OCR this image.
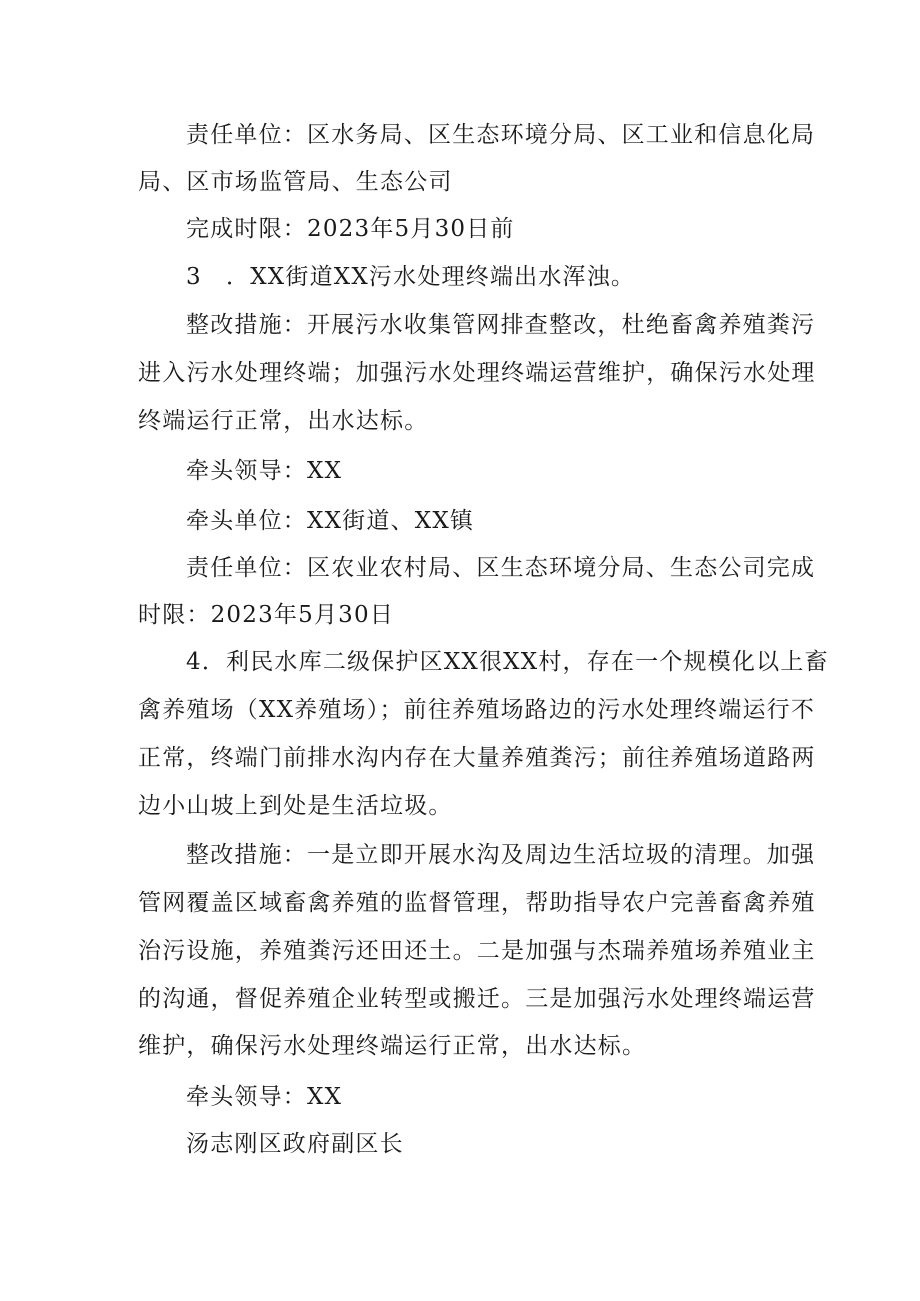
责任单位：区水务局、区生态环境分局、区工业和信息化局
局、区市场监管局、生态公司
完成时限：2023年5月30日前
3　．XX街道XX污水处理终端出水浑浊。
整改措施：开展污水收集管网排查整改，杜绝畜禽养殖粪污
进入污水处理终端；加强污水处理终端运营维护，确保污水处理
终端运行正常，出水达标。
牵头领导：XX
牵头单位：XX街道、XX镇
责任单位：区农业农村局、区生态环境分局、生态公司完成
时限：2023年5月30日
4．利民水库二级保护区XX很XX村，存在一个规模化以上畜
禽养殖场（XX养殖场）；前往养殖场路边的污水处理终端运行不
正常，终端门前排水沟内存在大量养殖粪污；前往养殖场道路两
边小山坡上到处是生活垃圾。
整改措施：一是立即开展水沟及周边生活垃圾的清理。加强
管网覆盖区域畜禽养殖的监督管理，帮助指导农户完善畜禽养殖
治污设施，养殖粪污还田还土。二是加强与杰瑞养殖场养殖业主
的沟通，督促养殖企业转型或搬迁。三是加强污水处理终端运营
维护，确保污水处理终端运行正常，出水达标。
牵头领导：XX
汤志刚区政府副区长
